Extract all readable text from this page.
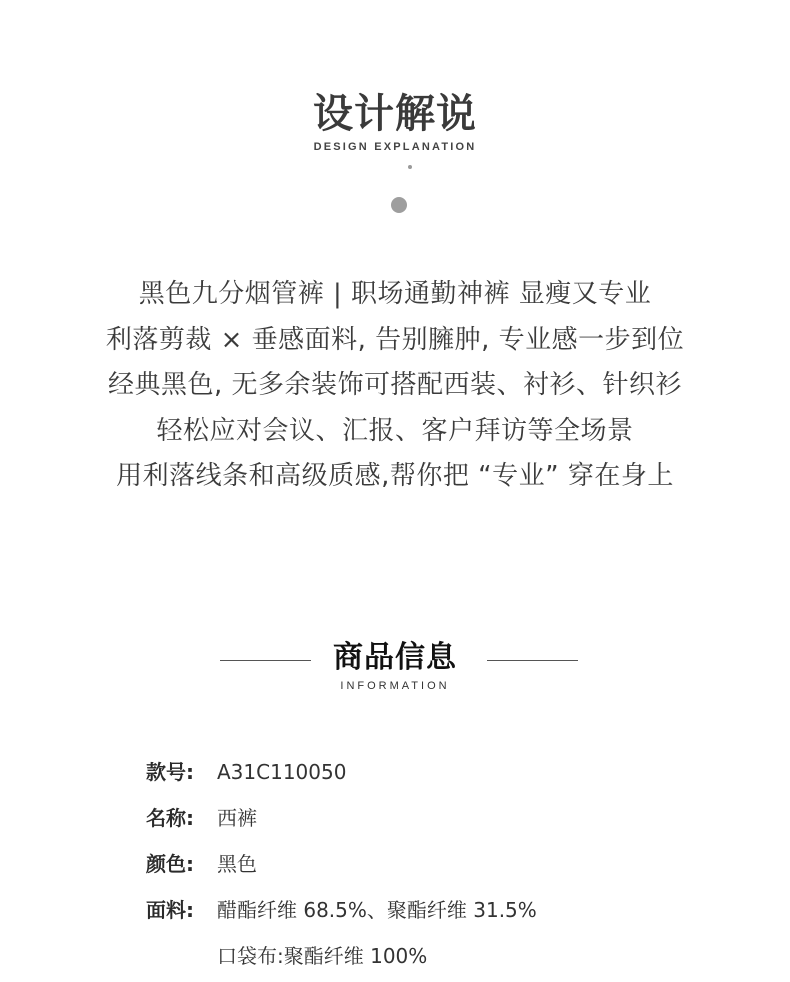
设计解说
DESIGN EXPLANATION
黑色九分烟管裤 | 职场通勤神裤 显瘦又专业
利落剪裁 × 垂感面料, 告别臃肿, 专业感一步到位
经典黑色, 无多余装饰可搭配西装、衬衫、针织衫
轻松应对会议、汇报、客户拜访等全场景
用利落线条和高级质感,帮你把 “专业” 穿在身上
商品信息
INFORMATION
款号: A31C110050
名称: 西裤
颜色: 黑色
面料: 醋酯纤维 68.5%、聚酯纤维 31.5%
口袋布:聚酯纤维 100%
